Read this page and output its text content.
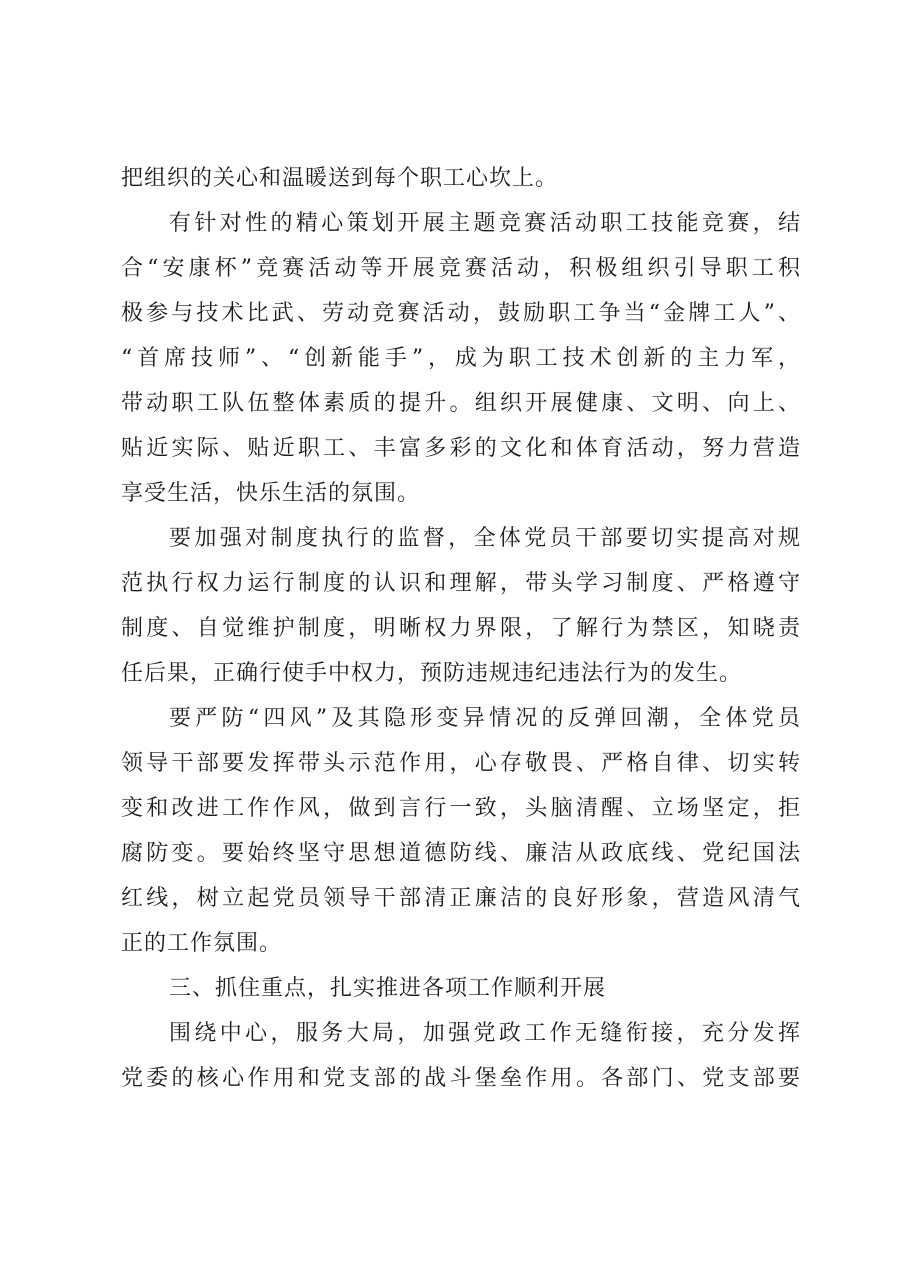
把组织的关心和温暖送到每个职工心坎上。
有针对性的精心策划开展主题竞赛活动职工技能竞赛，结
合“安康杯”竞赛活动等开展竞赛活动，积极组织引导职工积
极参与技术比武、劳动竞赛活动，鼓励职工争当“金牌工人”、
“首席技师”、“创新能手”，成为职工技术创新的主力军，
带动职工队伍整体素质的提升。组织开展健康、文明、向上、
贴近实际、贴近职工、丰富多彩的文化和体育活动，努力营造
享受生活，快乐生活的氛围。
要加强对制度执行的监督，全体党员干部要切实提高对规
范执行权力运行制度的认识和理解，带头学习制度、严格遵守
制度、自觉维护制度，明晰权力界限，了解行为禁区，知晓责
任后果，正确行使手中权力，预防违规违纪违法行为的发生。
要严防“四风”及其隐形变异情况的反弹回潮，全体党员
领导干部要发挥带头示范作用，心存敬畏、严格自律、切实转
变和改进工作作风，做到言行一致，头脑清醒、立场坚定，拒
腐防变。要始终坚守思想道德防线、廉洁从政底线、党纪国法
红线，树立起党员领导干部清正廉洁的良好形象，营造风清气
正的工作氛围。
三、抓住重点，扎实推进各项工作顺利开展
围绕中心，服务大局，加强党政工作无缝衔接，充分发挥
党委的核心作用和党支部的战斗堡垒作用。各部门、党支部要
